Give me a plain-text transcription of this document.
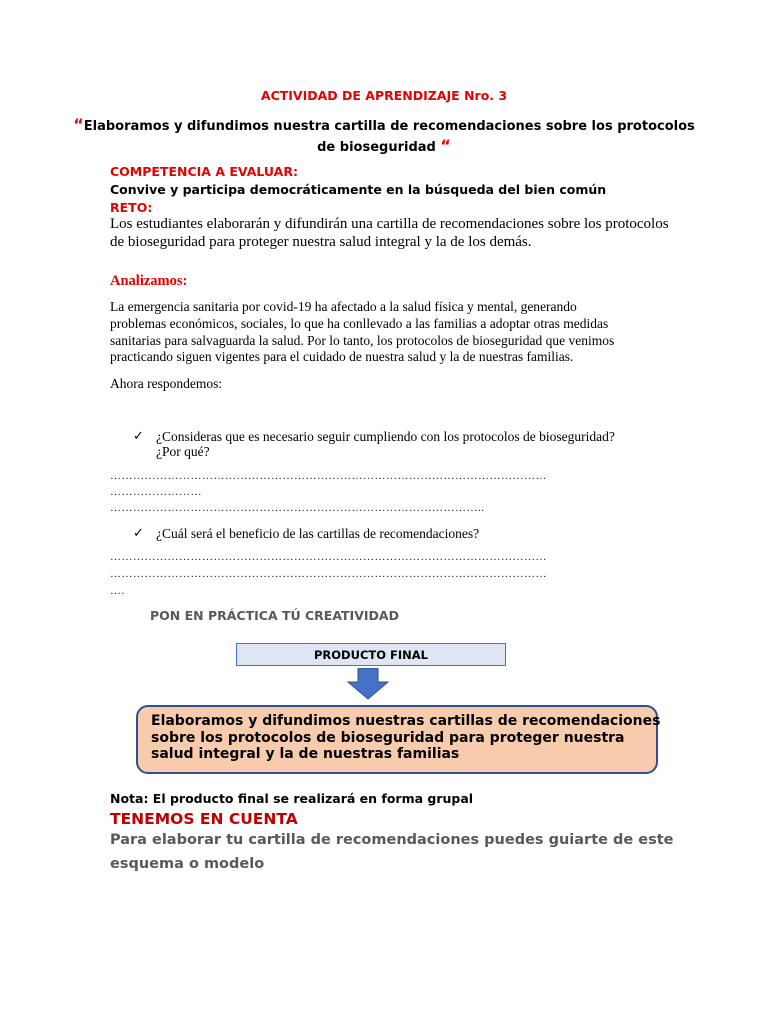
ACTIVIDAD DE APRENDIZAJE Nro. 3
“Elaboramos y difundimos nuestra cartilla de recomendaciones sobre los protocolos
de bioseguridad “
COMPETENCIA A EVALUAR:
Convive y participa democráticamente en la búsqueda del bien común
RETO:
Los estudiantes elaborarán y difundirán una cartilla de recomendaciones sobre los protocolos
de bioseguridad para proteger nuestra salud integral y la de los demás.
Analizamos:
La emergencia sanitaria por covid-19 ha afectado a la salud física y mental, generando
problemas económicos, sociales, lo que ha conllevado a las familias a adoptar otras medidas
sanitarias para salvaguarda la salud. Por lo tanto, los protocolos de bioseguridad que venimos
practicando siguen vigentes para el cuidado de nuestra salud y la de nuestras familias.
Ahora respondemos:
✓ ¿Consideras que es necesario seguir cumpliendo con los protocolos de bioseguridad?
¿Por qué?
……………………………………………………………………………………………………
……………………
……………………………………………………………………………………..
✓ ¿Cuál será el beneficio de las cartillas de recomendaciones?
……………………………………………………………………………………………………
……………………………………………………………………………………………………
….
PON EN PRÁCTICA TÚ CREATIVIDAD
PRODUCTO FINAL
Elaboramos y difundimos nuestras cartillas de recomendaciones
sobre los protocolos de bioseguridad para proteger nuestra
salud integral y la de nuestras familias
Nota: El producto final se realizará en forma grupal
TENEMOS EN CUENTA
Para elaborar tu cartilla de recomendaciones puedes guiarte de este
esquema o modelo
